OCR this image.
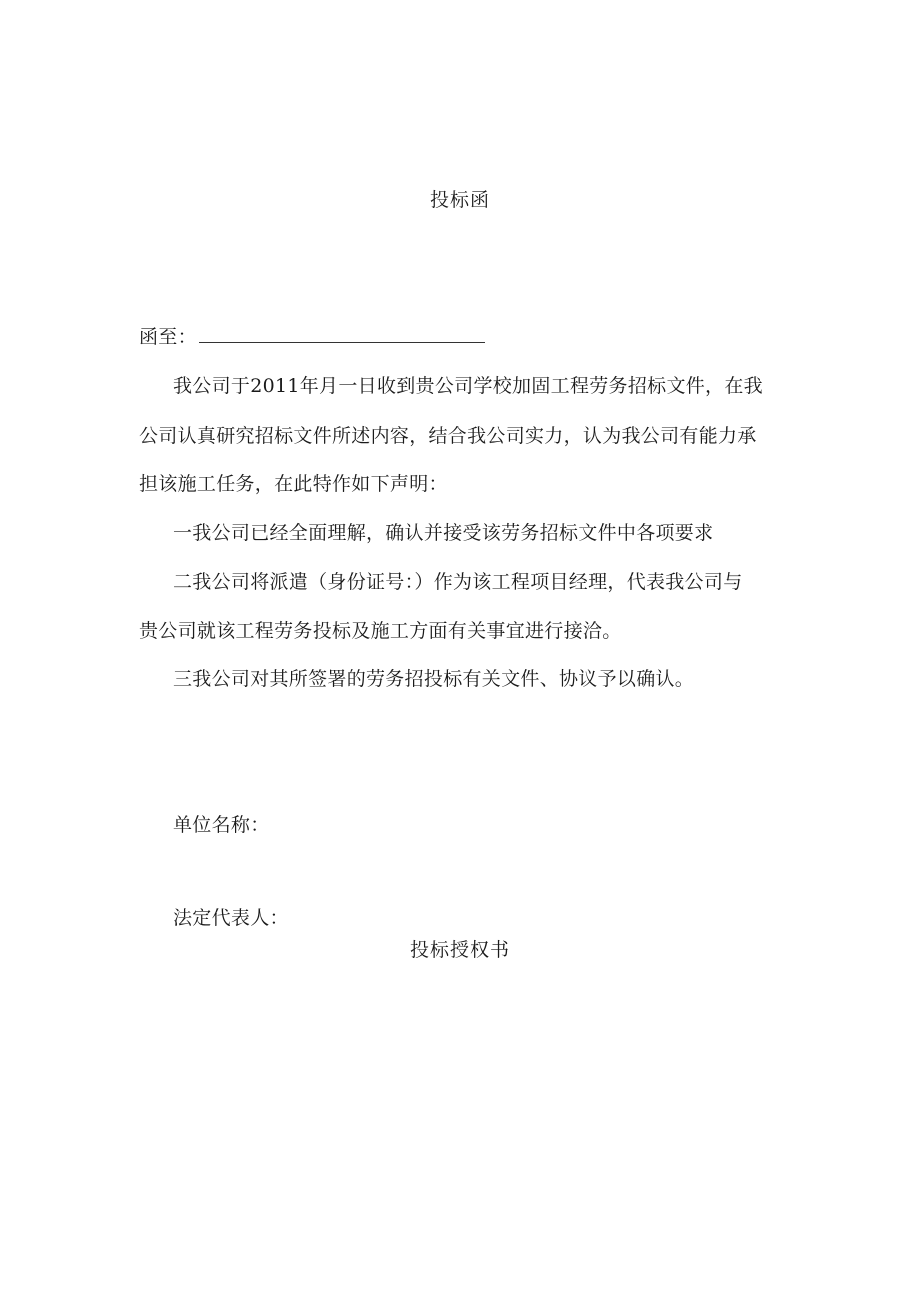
投标函

函至：

我公司于2011年月一日收到贵公司学校加固工程劳务招标文件，在我

公司认真研究招标文件所述内容，结合我公司实力，认为我公司有能力承

担该施工任务，在此特作如下声明：

一我公司已经全面理解，确认并接受该劳务招标文件中各项要求

二我公司将派遣（身份证号：）作为该工程项目经理，代表我公司与

贵公司就该工程劳务投标及施工方面有关事宜进行接洽。

三我公司对其所签署的劳务招投标有关文件、协议予以确认。

单位名称：

法定代表人：

投标授权书
